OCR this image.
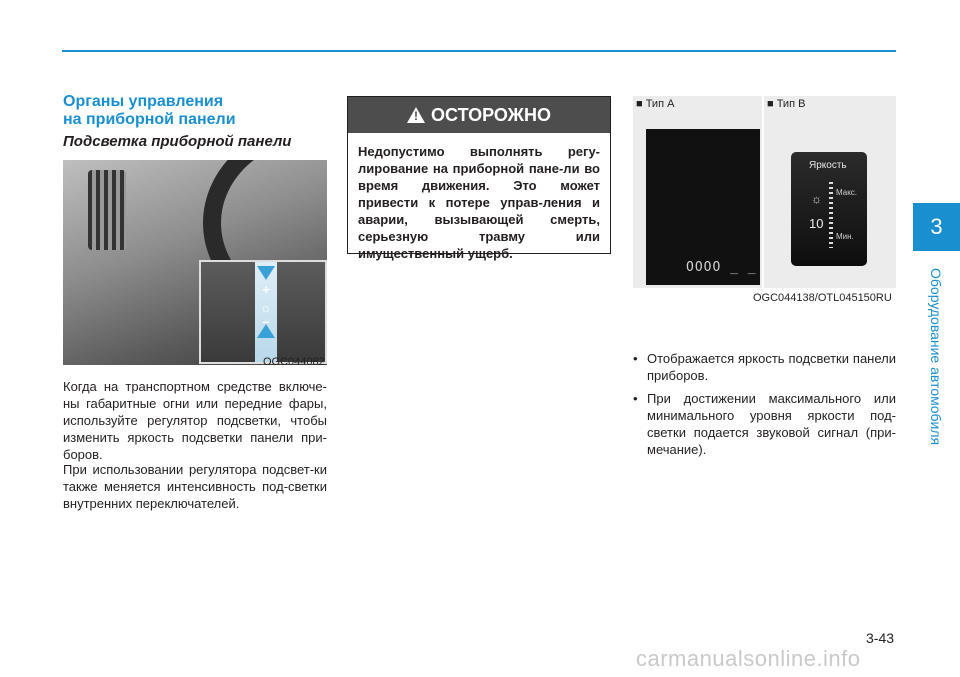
3
Оборудование автомобиля
Органы управления
на приборной панели
Подсветка приборной панели
+
☼
–
OGC044082

Когда на транспортном средстве включе-ны габаритные огни или передние фары, используйте регулятор подсветки, чтобы изменить яркость подсветки панели при-боров.

При использовании регулятора подсвет-ки также меняется интенсивность под-светки внутренних переключателей.

!
ОСТОРОЖНО
Недопустимо выполнять регу-лирование на приборной пане-ли во время движения. Это может привести к потере управ-ления и аварии, вызывающей смерть, серьезную травму или имущественный ущерб.
■ Тип A	■ Тип B
OOOO _ _
Яркость
☼ Макс.
10
Мин.
OGC044138/OTL045150RU
• Отображается яркость подсветки панели приборов.
• При достижении максимального или минимального уровня яркости под-светки подается звуковой сигнал (при-мечание).
3-43
carmanualsonline.info
